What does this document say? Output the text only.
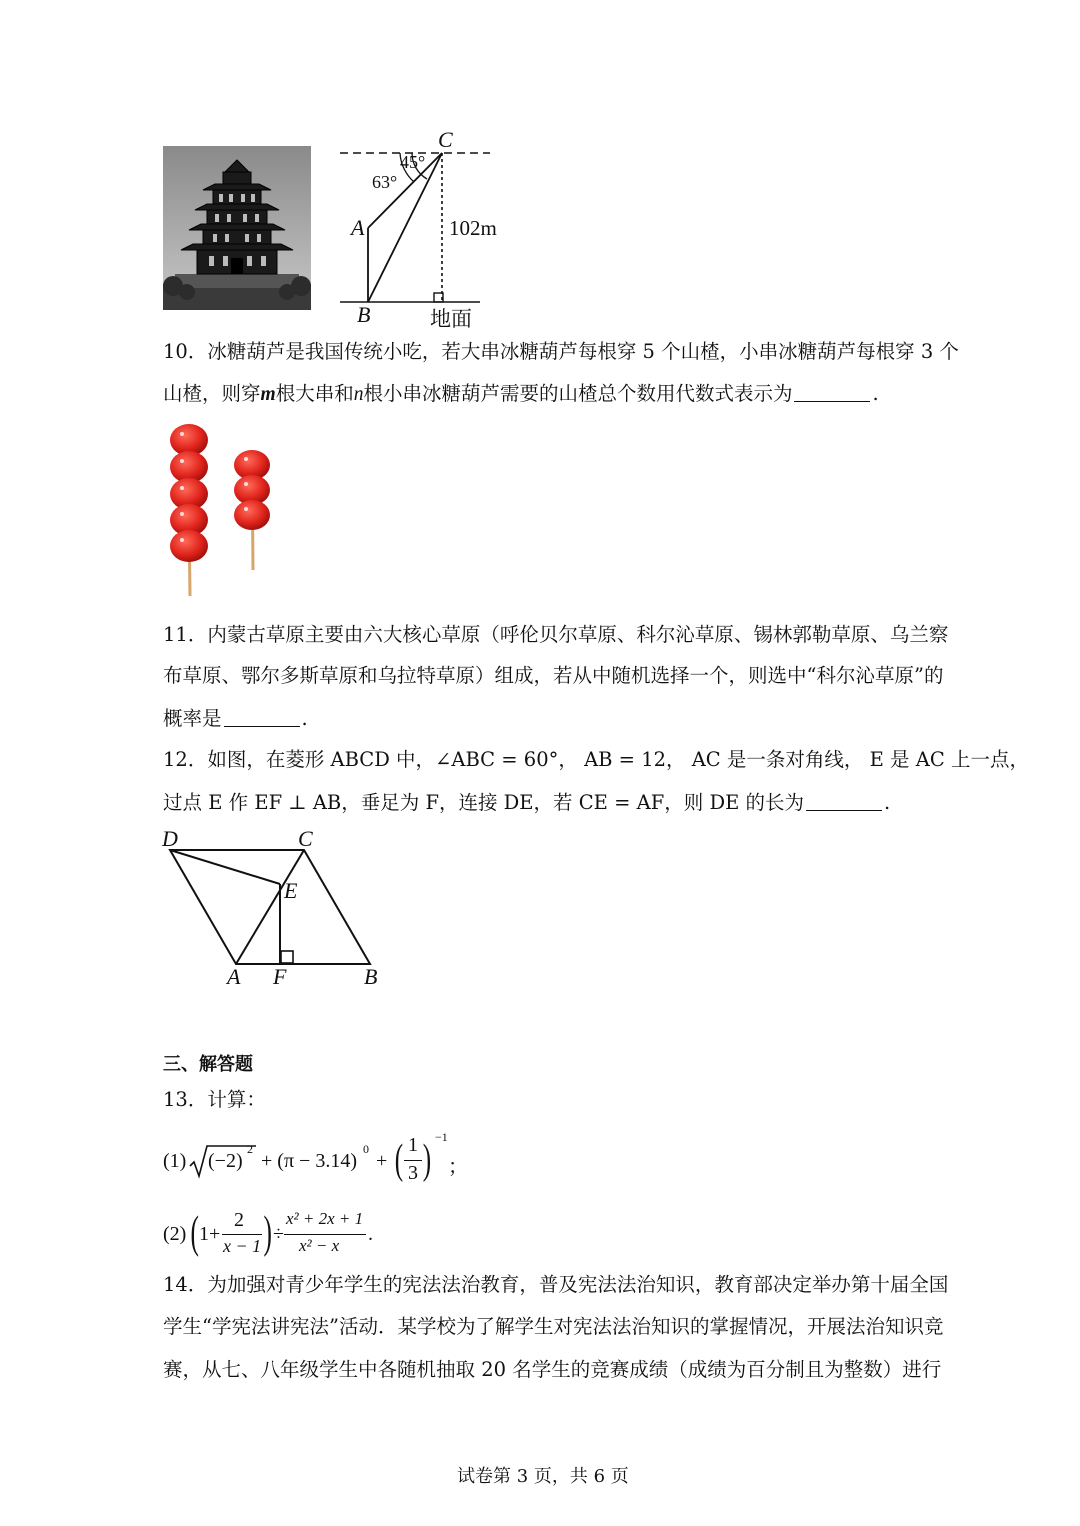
C
45°
63°
A	102m
B	地面
10．冰糖葫芦是我国传统小吃，若大串冰糖葫芦每根穿 5 个山楂，小串冰糖葫芦每根穿 3 个
山楂，则穿m根大串和n根小串冰糖葫芦需要的山楂总个数用代数式表示为	.
11．内蒙古草原主要由六大核心草原（呼伦贝尔草原、科尔沁草原、锡林郭勒草原、乌兰察
布草原、鄂尔多斯草原和乌拉特草原）组成，若从中随机选择一个，则选中“科尔沁草原”的
概率是	.
12．如图，在菱形 ABCD 中，∠ABC = 60°， AB = 12， AC 是一条对角线， E 是 AC 上一点，
过点 E 作 EF ⊥ AB，垂足为 F，连接 DE，若 CE = AF，则 DE 的长为	.
D	C
E
A F	B
三、解答题
13．计算：
(1) (−2)
2
+ (π − 3.14)
0
+ ( 1
3 ) −1
；
(2) ( 1+
2
x − 1 ) ÷
x² + 2x + 1
x² − x
.
14．为加强对青少年学生的宪法法治教育，普及宪法法治知识，教育部决定举办第十届全国
学生“学宪法讲宪法”活动．某学校为了解学生对宪法法治知识的掌握情况，开展法治知识竞
赛，从七、八年级学生中各随机抽取 20 名学生的竞赛成绩（成绩为百分制且为整数）进行
试卷第 3 页，共 6 页
